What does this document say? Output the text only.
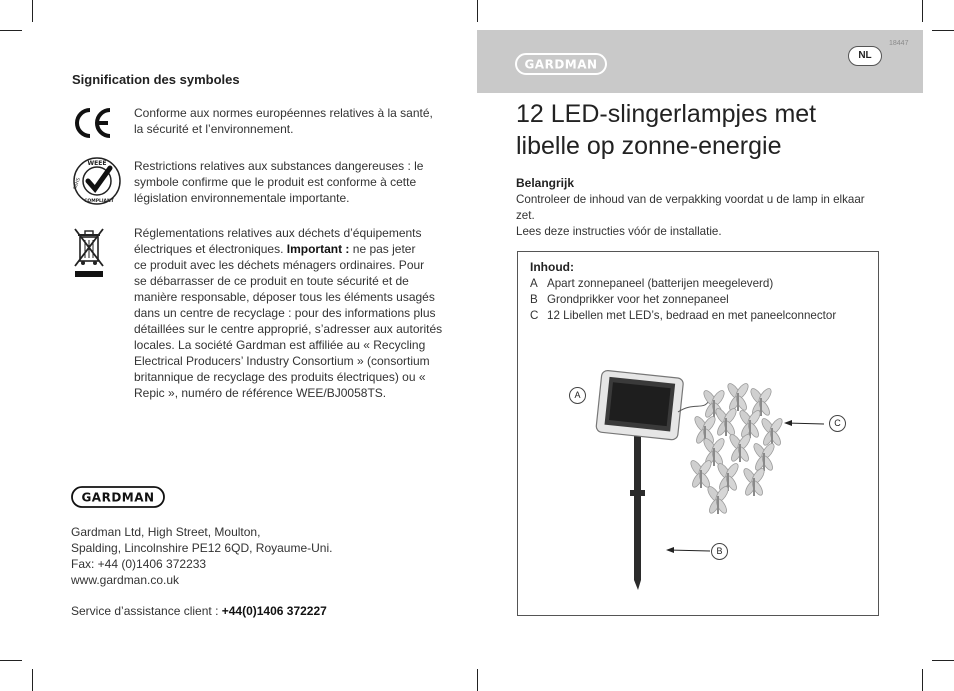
Signification des symboles
Conforme aux normes européennes relatives à la santé,
la sécurité et l’environnement.
WEEE
RoHS
COMPLIANT
Restrictions relatives aux substances dangereuses : le
symbole confirme que le produit est conforme à cette
législation environnementale importante.
Réglementations relatives aux déchets d’équipements
électriques et électroniques. Important : ne pas jeter
ce produit avec les déchets ménagers ordinaires. Pour
se débarrasser de ce produit en toute sécurité et de
manière responsable, déposer tous les éléments usagés
dans un centre de recyclage : pour des informations plus
détaillées sur le centre approprié, s’adresser aux autorités
locales. La société Gardman est affiliée au « Recycling
Electrical Producers’ Industry Consortium » (consortium
britannique de recyclage des produits électriques) ou «
Repic », numéro de référence WEE/BJ0058TS.
GARDMAN
Gardman Ltd, High Street, Moulton,
Spalding, Lincolnshire PE12 6QD, Royaume-Uni.
Fax: +44 (0)1406 372233
www.gardman.co.uk
Service d’assistance client : +44(0)1406 372227
GARDMAN
18447
NL
12 LED-slingerlampjes met
libelle op zonne-energie
Belangrijk
Controleer de inhoud van de verpakking voordat u de lamp in elkaar
zet.
Lees deze instructies vóór de installatie.
Inhoud:
A Apart zonnepaneel (batterijen meegeleverd)
B Grondprikker voor het zonnepaneel
C 12 Libellen met LED’s, bedraad en met paneelconnector
A
C
B
